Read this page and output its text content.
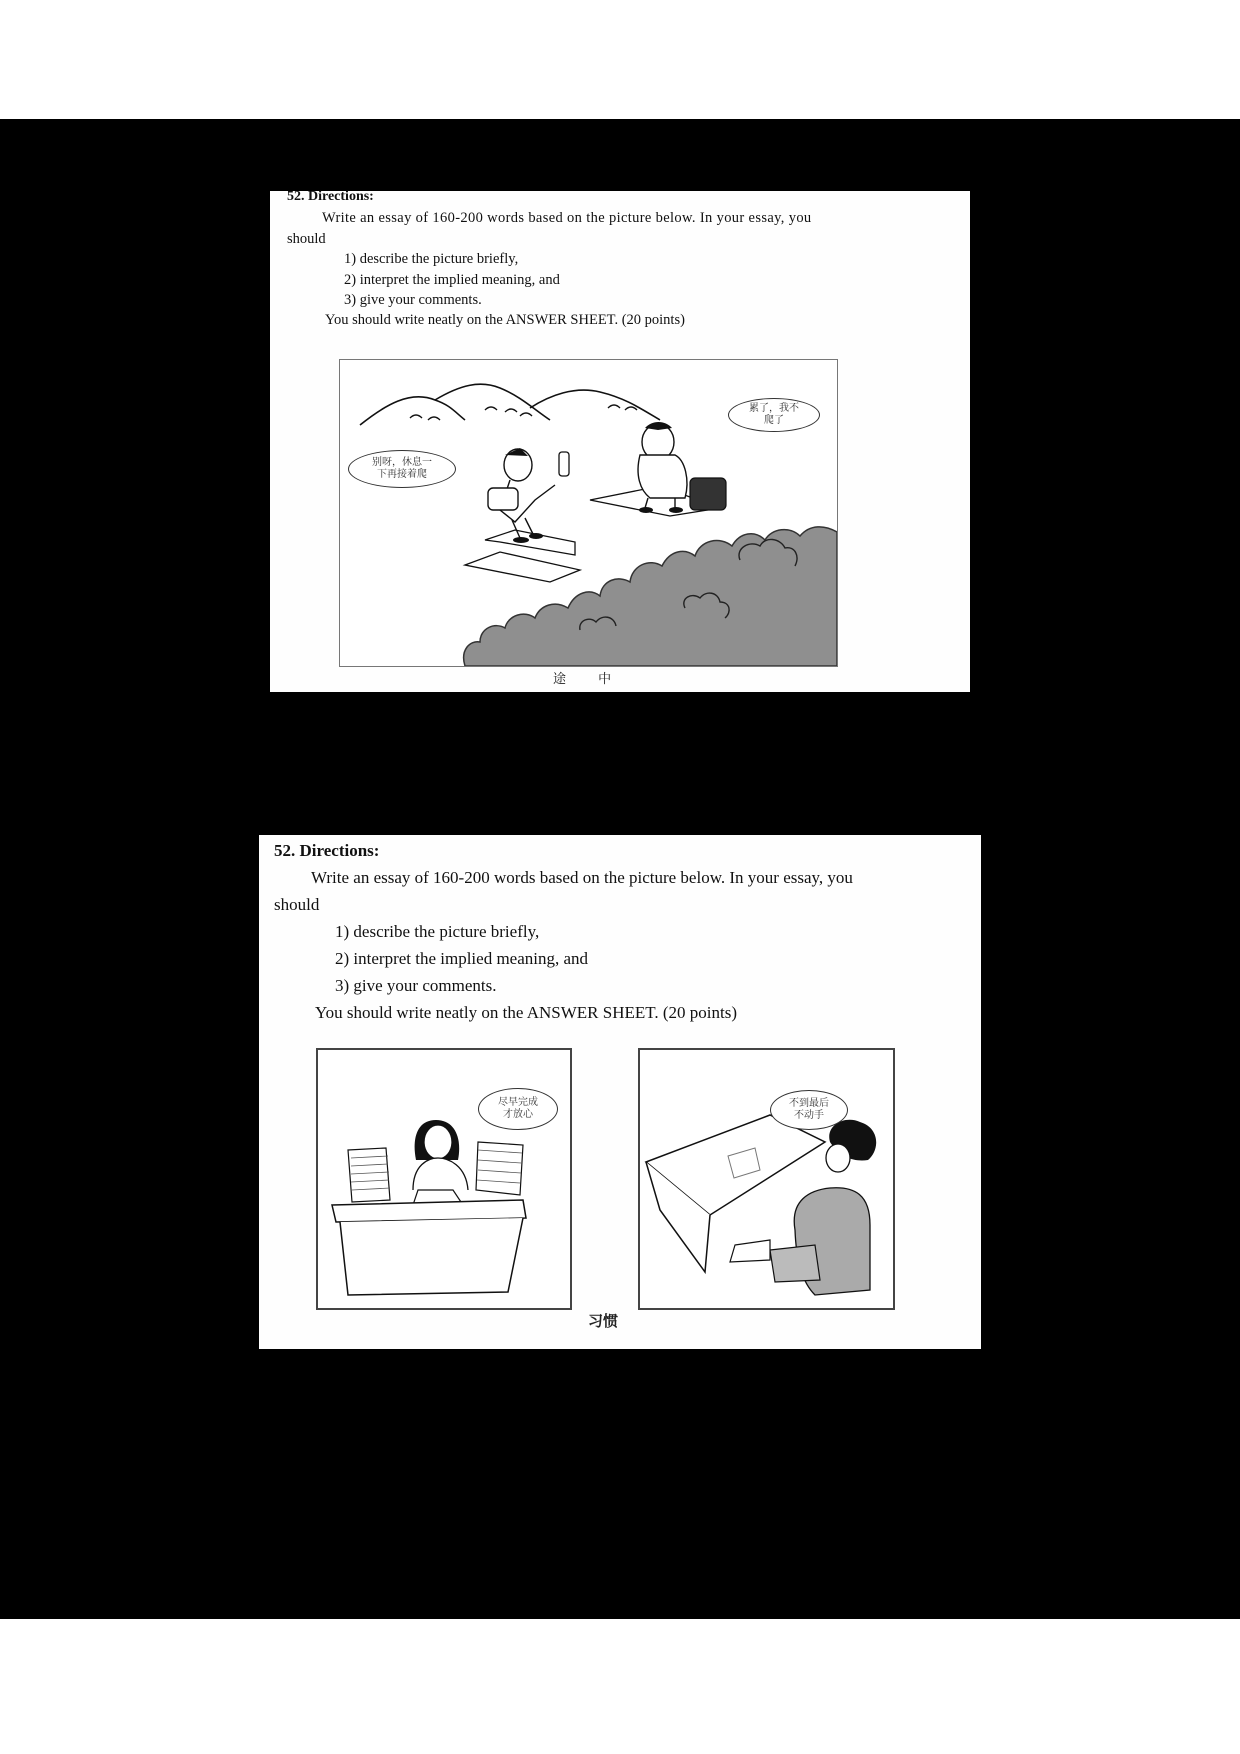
52. Directions:
Write an essay of 160-200 words based on the picture below. In your essay, you
should
1) describe the picture briefly,
2) interpret the implied meaning, and
3) give your comments.
You should write neatly on the ANSWER SHEET. (20 points)
别呀，休息一
下再接着爬
累了，我不
爬了
途 中
52. Directions:
Write an essay of 160-200 words based on the picture below. In your essay, you
should
1) describe the picture briefly,
2) interpret the implied meaning, and
3) give your comments.
You should write neatly on the ANSWER SHEET. (20 points)
尽早完成
才放心
不到最后
不动手
习惯
